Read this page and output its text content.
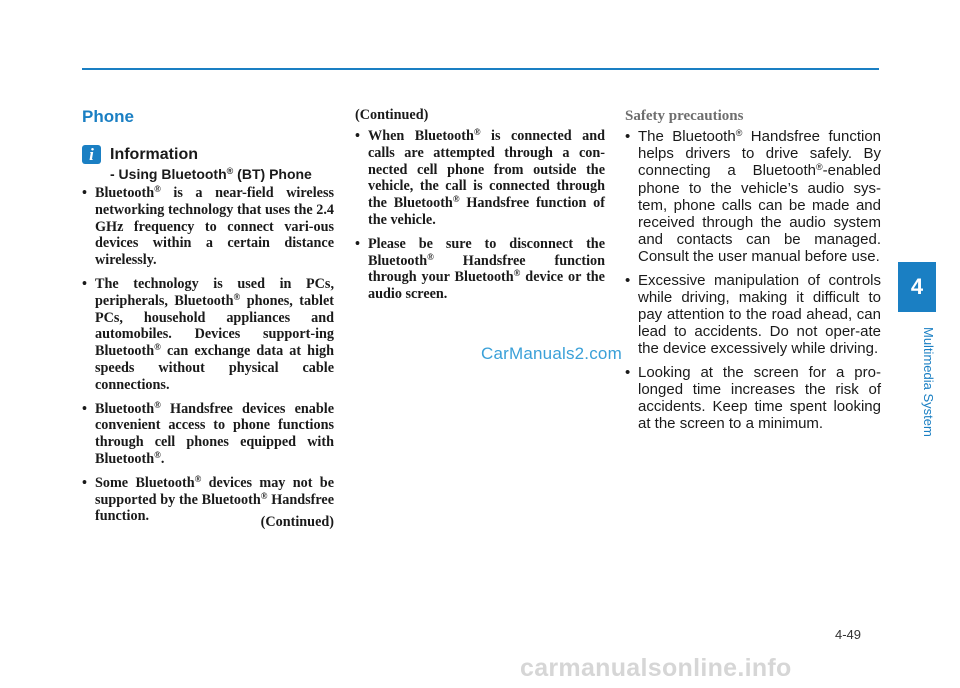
Phone
i	Information
- Using Bluetooth® (BT) Phone
• Bluetooth® is a near-field wireless networking technology that uses the 2.4 GHz frequency to connect vari-ous devices within a certain distance wirelessly.
• The technology is used in PCs, peripherals, Bluetooth® phones, tablet PCs, household appliances and automobiles. Devices support-ing Bluetooth® can exchange data at high speeds without physical cable connections.
• Bluetooth® Handsfree devices enable convenient access to phone functions through cell phones equipped with Bluetooth®.
• Some Bluetooth® devices may not be supported by the Bluetooth® Handsfree function.	(Continued)
(Continued)
• When Bluetooth® is connected and calls are attempted through a con-nected cell phone from outside the vehicle, the call is connected through the Bluetooth® Handsfree function of the vehicle.
• Please be sure to disconnect the Bluetooth® Handsfree function through your Bluetooth® device or the audio screen.
Safety precautions
• The Bluetooth® Handsfree function helps drivers to drive safely. By connecting a Bluetooth®-enabled phone to the vehicle’s audio sys-tem, phone calls can be made and received through the audio system and contacts can be managed. Consult the user manual before use.
• Excessive manipulation of controls while driving, making it difficult to pay attention to the road ahead, can lead to accidents. Do not oper-ate the device excessively while driving.
• Looking at the screen for a pro-longed time increases the risk of accidents. Keep time spent looking at the screen to a minimum.
CarManuals2.com
4
Multimedia System
4-49
carmanualsonline.info
